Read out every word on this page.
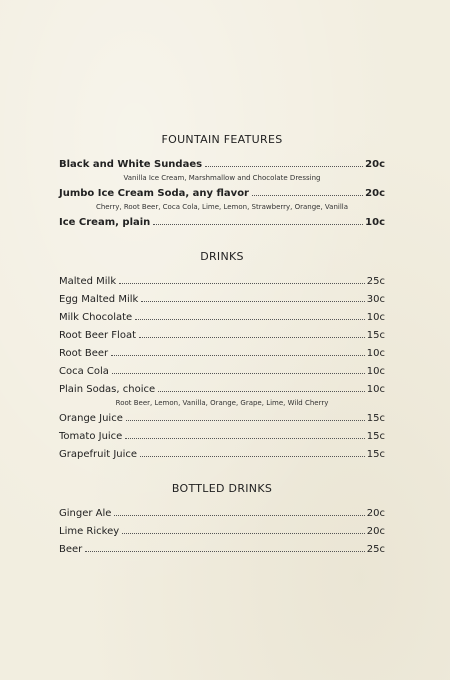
FOUNTAIN FEATURES
Black and White Sundaes	20c
Vanilla Ice Cream, Marshmallow and Chocolate Dressing
Jumbo Ice Cream Soda, any flavor	20c
Cherry, Root Beer, Coca Cola, Lime, Lemon, Strawberry, Orange, Vanilla
Ice Cream, plain	10c
DRINKS
Malted Milk	25c
Egg Malted Milk	30c
Milk Chocolate	10c
Root Beer Float	15c
Root Beer	10c
Coca Cola	10c
Plain Sodas, choice	10c
Root Beer, Lemon, Vanilla, Orange, Grape, Lime, Wild Cherry
Orange Juice	15c
Tomato Juice	15c
Grapefruit Juice	15c
BOTTLED DRINKS
Ginger Ale	20c
Lime Rickey	20c
Beer	25c
